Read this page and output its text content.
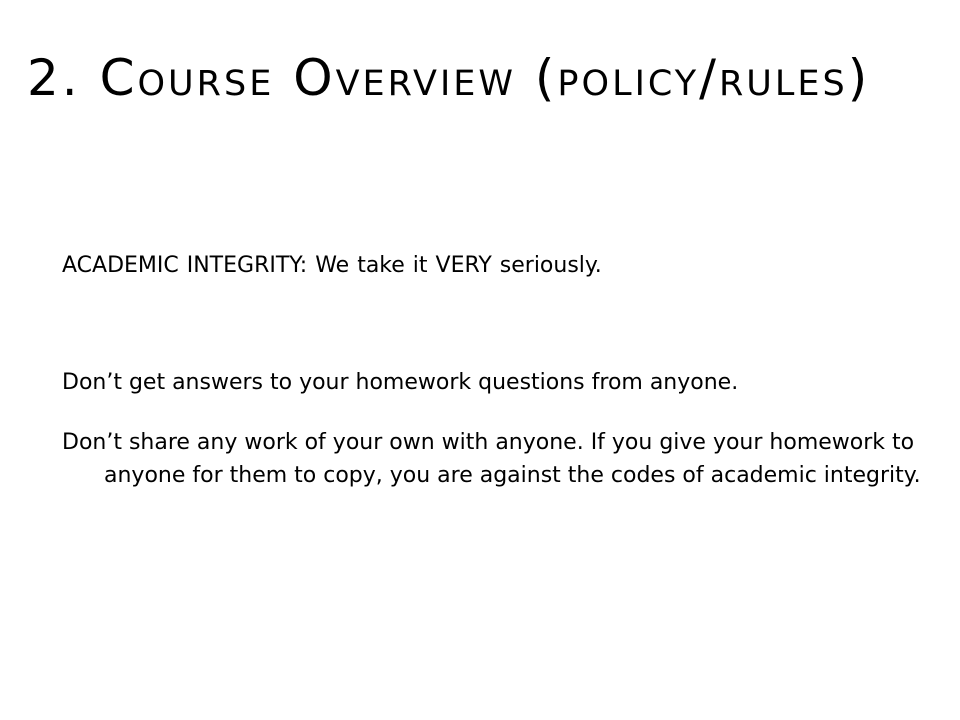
2. Course Overview (policy/rules)

ACADEMIC INTEGRITY: We take it VERY seriously.

Don’t get answers to your homework questions from anyone.

Don’t share any work of your own with anyone. If you give your homework to anyone for them to copy, you are against the codes of academic integrity.
